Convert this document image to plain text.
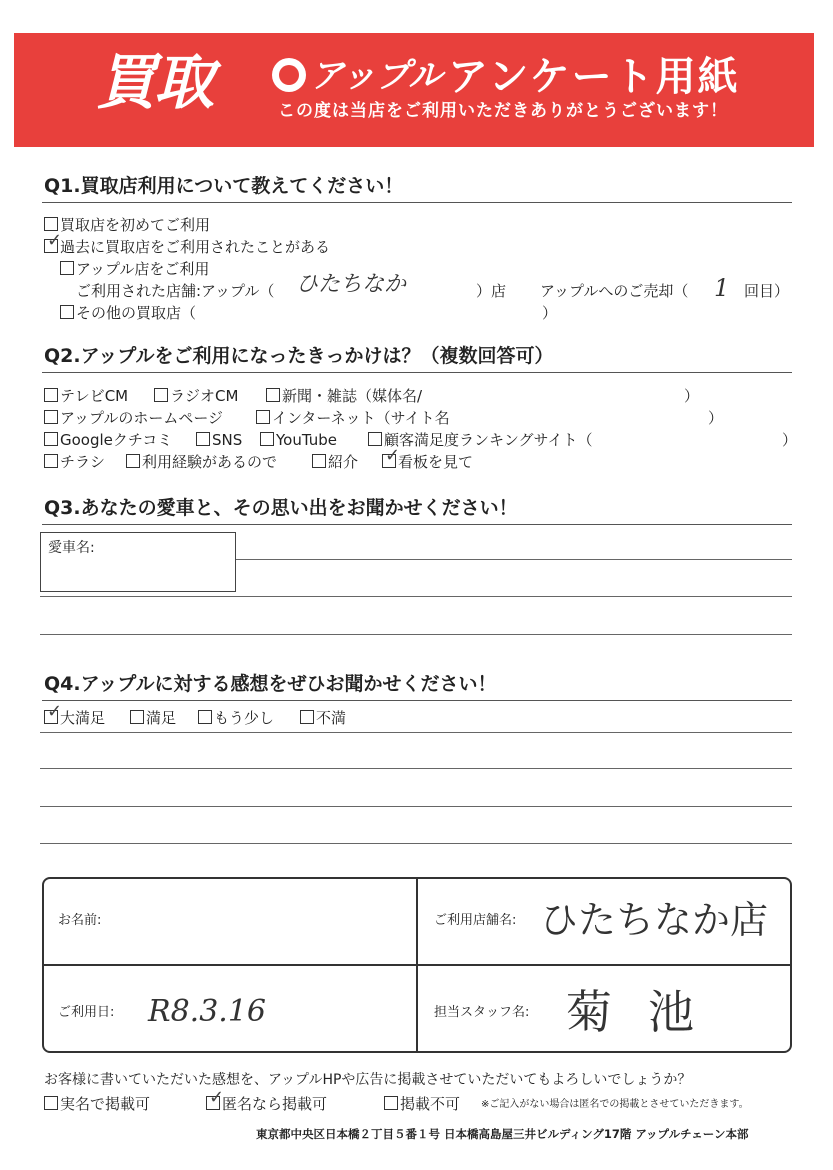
買取	アップル アンケート用紙
この度は当店をご利用いただきありがとうございます！
Q1.買取店利用について教えてください！
買取店を初めてご利用
✓
過去に買取店をご利用されたことがある
アップル店をご利用
ご利用された店舗:アップル（ ひたちなか	）店 アップルへのご売却（ 1 回目）
その他の買取店（	）
Q2.アップルをご利用になったきっかけは？（複数回答可）
テレビCM	ラジオCM	新聞・雑誌（媒体名/	）
アップルのホームページ	インターネット（サイト名	）
Googleクチコミ	SNS	YouTube	顧客満足度ランキングサイト（	）
チラシ	利用経験があるので	紹介 ✓
看板を見て
Q3.あなたの愛車と、その思い出をお聞かせください！
愛車名:
Q4.アップルに対する感想をぜひお聞かせください！
✓
大満足	満足	もう少し	不満
お名前:	ご利用店舗名: ひたちなか店
ご利用日: R8.3.16	担当スタッフ名: 菊池
お客様に書いていただいた感想を、アップルHPや広告に掲載させていただいてもよろしいでしょうか？
実名で掲載可	✓
匿名なら掲載可	掲載不可 ※ご記入がない場合は匿名での掲載とさせていただきます。
東京都中央区日本橋２丁目５番１号 日本橋高島屋三井ビルディング17階 アップルチェーン本部
